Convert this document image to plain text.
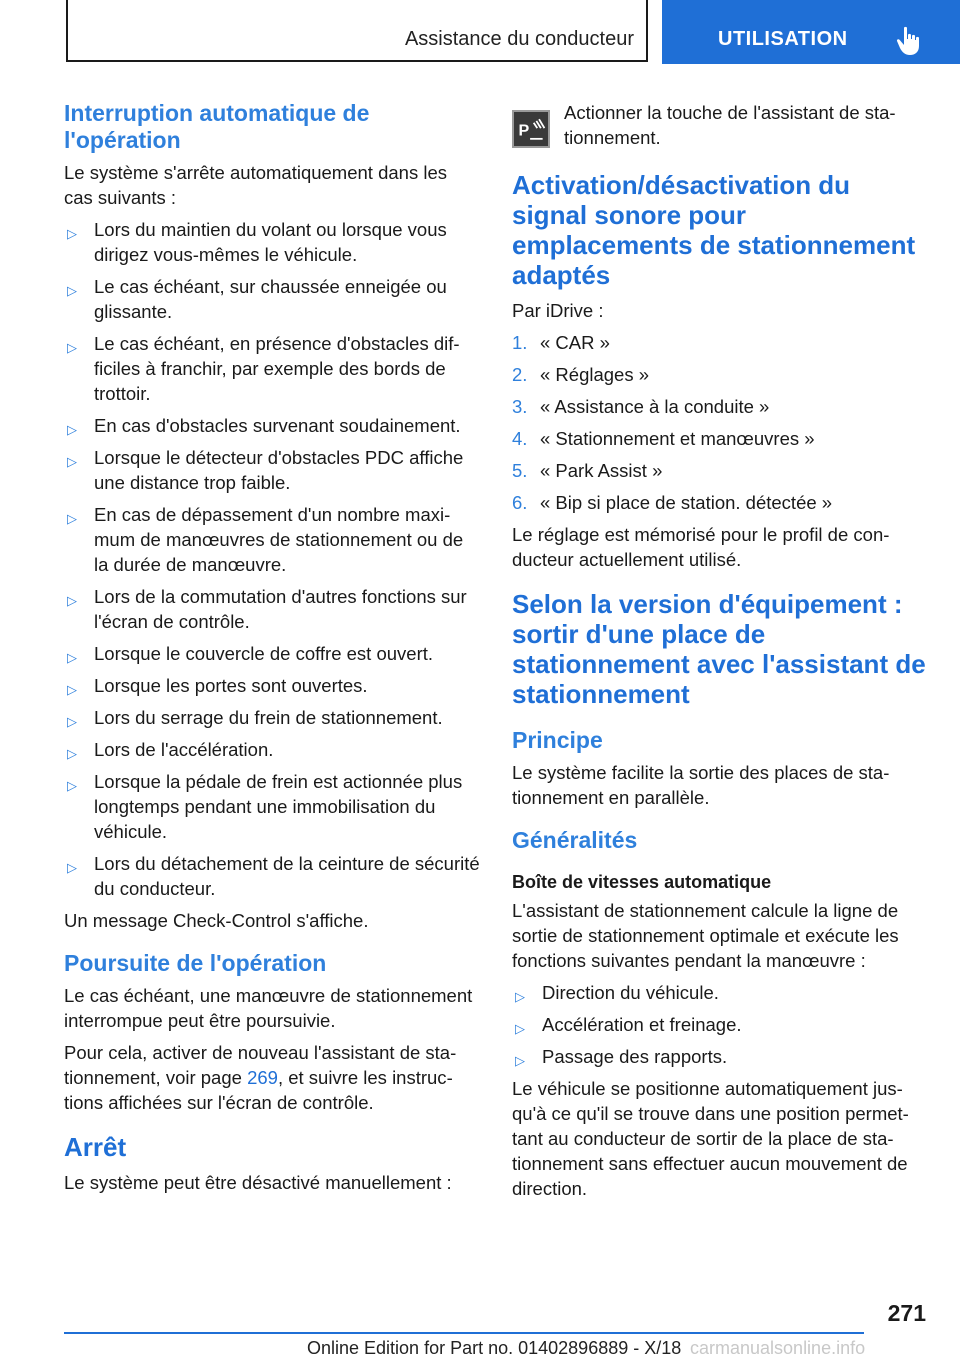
Assistance du conducteur	UTILISATION
Interruption automatique de l'opération

Le système s'arrête automatiquement dans les cas suivants :

▷ Lors du maintien du volant ou lorsque vous dirigez vous-mêmes le véhicule.
▷ Le cas échéant, sur chaussée enneigée ou glissante.
▷ Le cas échéant, en présence d'obstacles difficiles à franchir, par exemple des bords de trottoir.
▷ En cas d'obstacles survenant soudainement.
▷ Lorsque le détecteur d'obstacles PDC affiche une distance trop faible.
▷ En cas de dépassement d'un nombre maximum de manœuvres de stationnement ou de la durée de manœuvre.
▷ Lors de la commutation d'autres fonctions sur l'écran de contrôle.
▷ Lorsque le couvercle de coffre est ouvert.
▷ Lorsque les portes sont ouvertes.
▷ Lors du serrage du frein de stationnement.
▷ Lors de l'accélération.
▷ Lorsque la pédale de frein est actionnée plus longtemps pendant une immobilisation du véhicule.
▷ Lors du détachement de la ceinture de sécurité du conducteur.

Un message Check-Control s'affiche.

Poursuite de l'opération

Le cas échéant, une manœuvre de stationnement interrompue peut être poursuivie.

Pour cela, activer de nouveau l'assistant de stationnement, voir page 269, et suivre les instructions affichées sur l'écran de contrôle.

Arrêt

Le système peut être désactivé manuellement :

P

Actionner la touche de l'assistant de stationnement.

Activation/désactivation du signal sonore pour emplacements de stationnement adaptés

Par iDrive :

1. « CAR »
2. « Réglages »
3. « Assistance à la conduite »
4. « Stationnement et manœuvres »
5. « Park Assist »
6. « Bip si place de station. détectée »

Le réglage est mémorisé pour le profil de conducteur actuellement utilisé.

Selon la version d'équipement : sortir d'une place de stationnement avec l'assistant de stationnement
Principe

Le système facilite la sortie des places de stationnement en parallèle.

Généralités
Boîte de vitesses automatique

L'assistant de stationnement calcule la ligne de sortie de stationnement optimale et exécute les fonctions suivantes pendant la manœuvre :

▷ Direction du véhicule.
▷ Accélération et freinage.
▷ Passage des rapports.

Le véhicule se positionne automatiquement jusqu'à ce qu'il se trouve dans une position permettant au conducteur de sortir de la place de stationnement sans effectuer aucun mouvement de direction.

271
Online Edition for Part no. 01402896889 - X/18 carmanualsonline.info
